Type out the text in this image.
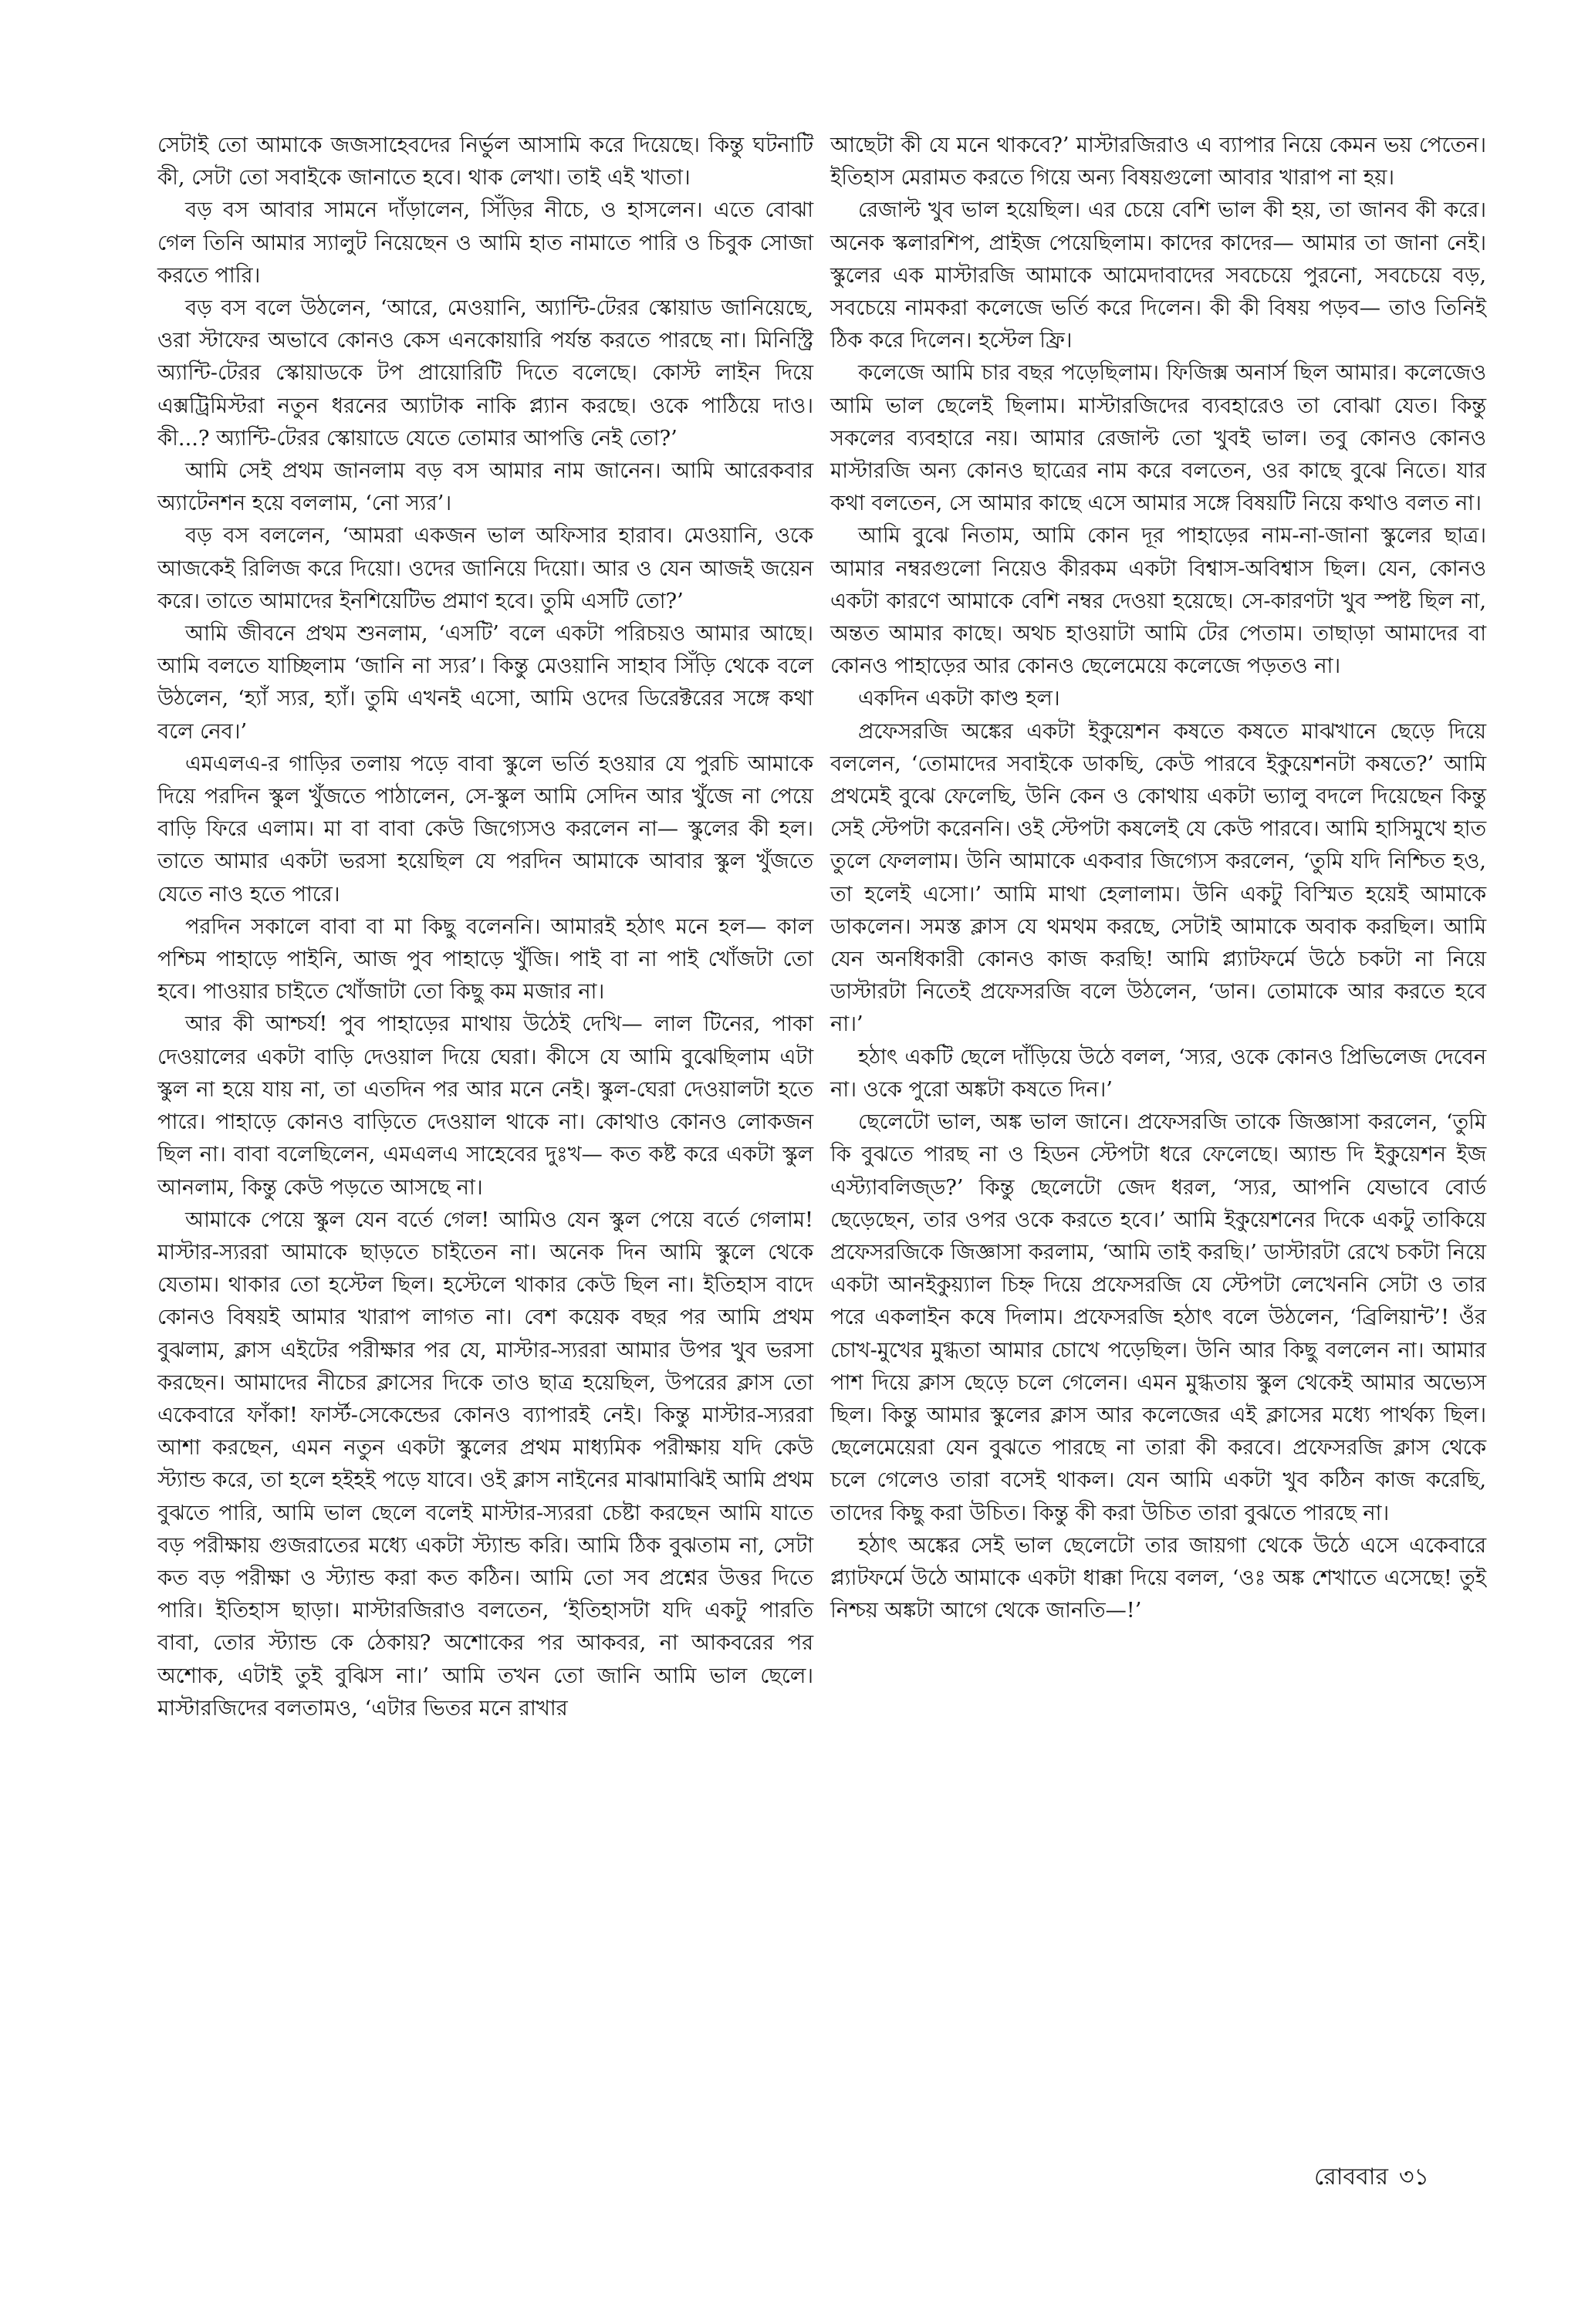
সেটাই তো আমাকে জজসাহেবদের নির্ভুল আসামি করে দিয়েছে। কিন্তু ঘটনাটি কী, সেটা তো সবাইকে জানাতে হবে। থাক লেখা। তাই এই খাতা।

বড় বস আবার সামনে দাঁড়ালেন, সিঁড়ির নীচে, ও হাসলেন। এতে বোঝা গেল তিনি আমার স্যালুট নিয়েছেন ও আমি হাত নামাতে পারি ও চিবুক সোজা করতে পারি।

বড় বস বলে উঠলেন, ‘আরে, মেওয়ানি, অ্যান্টি-টেরর স্কোয়াড জানিয়েছে, ওরা স্টাফের অভাবে কোনও কেস এনকোয়ারি পর্যন্ত করতে পারছে না। মিনিস্ট্রি অ্যান্টি-টেরর স্কোয়াডকে টপ প্রায়োরিটি দিতে বলেছে। কোস্ট লাইন দিয়ে এক্সট্রিমিস্টরা নতুন ধরনের অ্যাটাক নাকি প্ল্যান করছে। ওকে পাঠিয়ে দাও। কী...? অ্যান্টি-টেরর স্কোয়াডে যেতে তোমার আপত্তি নেই তো?’

আমি সেই প্রথম জানলাম বড় বস আমার নাম জানেন। আমি আরেকবার অ্যাটেনশন হয়ে বললাম, ‘নো স্যর’।

বড় বস বললেন, ‘আমরা একজন ভাল অফিসার হারাব। মেওয়ানি, ওকে আজকেই রিলিজ করে দিয়ো। ওদের জানিয়ে দিয়ো। আর ও যেন আজই জয়েন করে। তাতে আমাদের ইনশিয়েটিভ প্রমাণ হবে। তুমি এসটি তো?’

আমি জীবনে প্রথম শুনলাম, ‘এসটি’ বলে একটা পরিচয়ও আমার আছে। আমি বলতে যাচ্ছিলাম ‘জানি না স্যর’। কিন্তু মেওয়ানি সাহাব সিঁড়ি থেকে বলে উঠলেন, ‘হ্যাঁ স্যর, হ্যাঁ। তুমি এখনই এসো, আমি ওদের ডিরেক্টরের সঙ্গে কথা বলে নেব।’

এমএলএ-র গাড়ির তলায় পড়ে বাবা স্কুলে ভর্তি হওয়ার যে পুরচি আমাকে দিয়ে পরদিন স্কুল খুঁজতে পাঠালেন, সে-স্কুল আমি সেদিন আর খুঁজে না পেয়ে বাড়ি ফিরে এলাম। মা বা বাবা কেউ জিগ্যেসও করলেন না— স্কুলের কী হল। তাতে আমার একটা ভরসা হয়েছিল যে পরদিন আমাকে আবার স্কুল খুঁজতে যেতে নাও হতে পারে।

পরদিন সকালে বাবা বা মা কিছু বলেননি। আমারই হঠাৎ মনে হল— কাল পশ্চিম পাহাড়ে পাইনি, আজ পুব পাহাড়ে খুঁজি। পাই বা না পাই খোঁজটা তো হবে। পাওয়ার চাইতে খোঁজাটা তো কিছু কম মজার না।

আর কী আশ্চর্য! পুব পাহাড়ের মাথায় উঠেই দেখি— লাল টিনের, পাকা দেওয়ালের একটা বাড়ি দেওয়াল দিয়ে ঘেরা। কীসে যে আমি বুঝেছিলাম এটা স্কুল না হয়ে যায় না, তা এতদিন পর আর মনে নেই। স্কুল-ঘেরা দেওয়ালটা হতে পারে। পাহাড়ে কোনও বাড়িতে দেওয়াল থাকে না। কোথাও কোনও লোকজন ছিল না। বাবা বলেছিলেন, এমএলএ সাহেবের দুঃখ— কত কষ্ট করে একটা স্কুল আনলাম, কিন্তু কেউ পড়তে আসছে না।

আমাকে পেয়ে স্কুল যেন বর্তে গেল! আমিও যেন স্কুল পেয়ে বর্তে গেলাম! মাস্টার-স্যররা আমাকে ছাড়তে চাইতেন না। অনেক দিন আমি স্কুলে থেকে যেতাম। থাকার তো হস্টেল ছিল। হস্টেলে থাকার কেউ ছিল না। ইতিহাস বাদে কোনও বিষয়ই আমার খারাপ লাগত না। বেশ কয়েক বছর পর আমি প্রথম বুঝলাম, ক্লাস এইটের পরীক্ষার পর যে, মাস্টার-স্যররা আমার উপর খুব ভরসা করছেন। আমাদের নীচের ক্লাসের দিকে তাও ছাত্র হয়েছিল, উপরের ক্লাস তো একেবারে ফাঁকা! ফার্স্ট-সেকেন্ডের কোনও ব্যাপারই নেই। কিন্তু মাস্টার-স্যররা আশা করছেন, এমন নতুন একটা স্কুলের প্রথম মাধ্যমিক পরীক্ষায় যদি কেউ স্ট্যান্ড করে, তা হলে হইহই পড়ে যাবে। ওই ক্লাস নাইনের মাঝামাঝিই আমি প্রথম বুঝতে পারি, আমি ভাল ছেলে বলেই মাস্টার-স্যররা চেষ্টা করছেন আমি যাতে বড় পরীক্ষায় গুজরাতের মধ্যে একটা স্ট্যান্ড করি। আমি ঠিক বুঝতাম না, সেটা কত বড় পরীক্ষা ও স্ট্যান্ড করা কত কঠিন। আমি তো সব প্রশ্নের উত্তর দিতে পারি। ইতিহাস ছাড়া। মাস্টারজিরাও বলতেন, ‘ইতিহাসটা যদি একটু পারতি বাবা, তোর স্ট্যান্ড কে ঠেকায়? অশোকের পর আকবর, না আকবরের পর অশোক, এটাই তুই বুঝিস না।’ আমি তখন তো জানি আমি ভাল ছেলে। মাস্টারজিদের বলতামও, ‘এটার ভিতর মনে রাখার

আছেটা কী যে মনে থাকবে?’ মাস্টারজিরাও এ ব্যাপার নিয়ে কেমন ভয় পেতেন। ইতিহাস মেরামত করতে গিয়ে অন্য বিষয়গুলো আবার খারাপ না হয়।

রেজাল্ট খুব ভাল হয়েছিল। এর চেয়ে বেশি ভাল কী হয়, তা জানব কী করে। অনেক স্কলারশিপ, প্রাইজ পেয়েছিলাম। কাদের কাদের— আমার তা জানা নেই। স্কুলের এক মাস্টারজি আমাকে আমেদাবাদের সবচেয়ে পুরনো, সবচেয়ে বড়, সবচেয়ে নামকরা কলেজে ভর্তি করে দিলেন। কী কী বিষয় পড়ব— তাও তিনিই ঠিক করে দিলেন। হস্টেল ফ্রি।

কলেজে আমি চার বছর পড়েছিলাম। ফিজিক্স অনার্স ছিল আমার। কলেজেও আমি ভাল ছেলেই ছিলাম। মাস্টারজিদের ব্যবহারেও তা বোঝা যেত। কিন্তু সকলের ব্যবহারে নয়। আমার রেজাল্ট তো খুবই ভাল। তবু কোনও কোনও মাস্টারজি অন্য কোনও ছাত্রের নাম করে বলতেন, ওর কাছে বুঝে নিতে। যার কথা বলতেন, সে আমার কাছে এসে আমার সঙ্গে বিষয়টি নিয়ে কথাও বলত না।

আমি বুঝে নিতাম, আমি কোন দূর পাহাড়ের নাম-না-জানা স্কুলের ছাত্র। আমার নম্বরগুলো নিয়েও কীরকম একটা বিশ্বাস-অবিশ্বাস ছিল। যেন, কোনও একটা কারণে আমাকে বেশি নম্বর দেওয়া হয়েছে। সে-কারণটা খুব স্পষ্ট ছিল না, অন্তত আমার কাছে। অথচ হাওয়াটা আমি টের পেতাম। তাছাড়া আমাদের বা কোনও পাহাড়ের আর কোনও ছেলেমেয়ে কলেজে পড়তও না।

একদিন একটা কাণ্ড হল।

প্রফেসরজি অঙ্কের একটা ইকুয়েশন কষতে কষতে মাঝখানে ছেড়ে দিয়ে বললেন, ‘তোমাদের সবাইকে ডাকছি, কেউ পারবে ইকুয়েশনটা কষতে?’ আমি প্রথমেই বুঝে ফেলেছি, উনি কেন ও কোথায় একটা ভ্যালু বদলে দিয়েছেন কিন্তু সেই স্টেপটা করেননি। ওই স্টেপটা কষলেই যে কেউ পারবে। আমি হাসিমুখে হাত তুলে ফেললাম। উনি আমাকে একবার জিগ্যেস করলেন, ‘তুমি যদি নিশ্চিত হও, তা হলেই এসো।’ আমি মাথা হেলালাম। উনি একটু বিস্মিত হয়েই আমাকে ডাকলেন। সমস্ত ক্লাস যে থমথম করছে, সেটাই আমাকে অবাক করছিল। আমি যেন অনধিকারী কোনও কাজ করছি! আমি প্ল্যাটফর্মে উঠে চকটা না নিয়ে ডাস্টারটা নিতেই প্রফেসরজি বলে উঠলেন, ‘ডান। তোমাকে আর করতে হবে না।’

হঠাৎ একটি ছেলে দাঁড়িয়ে উঠে বলল, ‘স্যর, ওকে কোনও প্রিভিলেজ দেবেন না। ওকে পুরো অঙ্কটা কষতে দিন।’

ছেলেটো ভাল, অঙ্ক ভাল জানে। প্রফেসরজি তাকে জিজ্ঞাসা করলেন, ‘তুমি কি বুঝতে পারছ না ও হিডন স্টেপটা ধরে ফেলেছে। অ্যান্ড দি ইকুয়েশন ইজ এস্ট্যাবলিজ্ড?’ কিন্তু ছেলেটো জেদ ধরল, ‘স্যর, আপনি যেভাবে বোর্ড ছেড়েছেন, তার ওপর ওকে করতে হবে।’ আমি ইকুয়েশনের দিকে একটু তাকিয়ে প্রফেসরজিকে জিজ্ঞাসা করলাম, ‘আমি তাই করছি।’ ডাস্টারটা রেখে চকটা নিয়ে একটা আনইকুয়্যাল চিহ্ন দিয়ে প্রফেসরজি যে স্টেপটা লেখেননি সেটা ও তার পরে একলাইন কষে দিলাম। প্রফেসরজি হঠাৎ বলে উঠলেন, ‘ব্রিলিয়ান্ট’! ওঁর চোখ-মুখের মুগ্ধতা আমার চোখে পড়েছিল। উনি আর কিছু বললেন না। আমার পাশ দিয়ে ক্লাস ছেড়ে চলে গেলেন। এমন মুগ্ধতায় স্কুল থেকেই আমার অভ্যেস ছিল। কিন্তু আমার স্কুলের ক্লাস আর কলেজের এই ক্লাসের মধ্যে পার্থক্য ছিল। ছেলেমেয়েরা যেন বুঝতে পারছে না তারা কী করবে। প্রফেসরজি ক্লাস থেকে চলে গেলেও তারা বসেই থাকল। যেন আমি একটা খুব কঠিন কাজ করেছি, তাদের কিছু করা উচিত। কিন্তু কী করা উচিত তারা বুঝতে পারছে না।

হঠাৎ অঙ্কের সেই ভাল ছেলেটো তার জায়গা থেকে উঠে এসে একেবারে প্ল্যাটফর্মে উঠে আমাকে একটা ধাক্কা দিয়ে বলল, ‘ওঃ অঙ্ক শেখাতে এসেছে! তুই নিশ্চয় অঙ্কটা আগে থেকে জানতি—!’

রোববার ৩১
